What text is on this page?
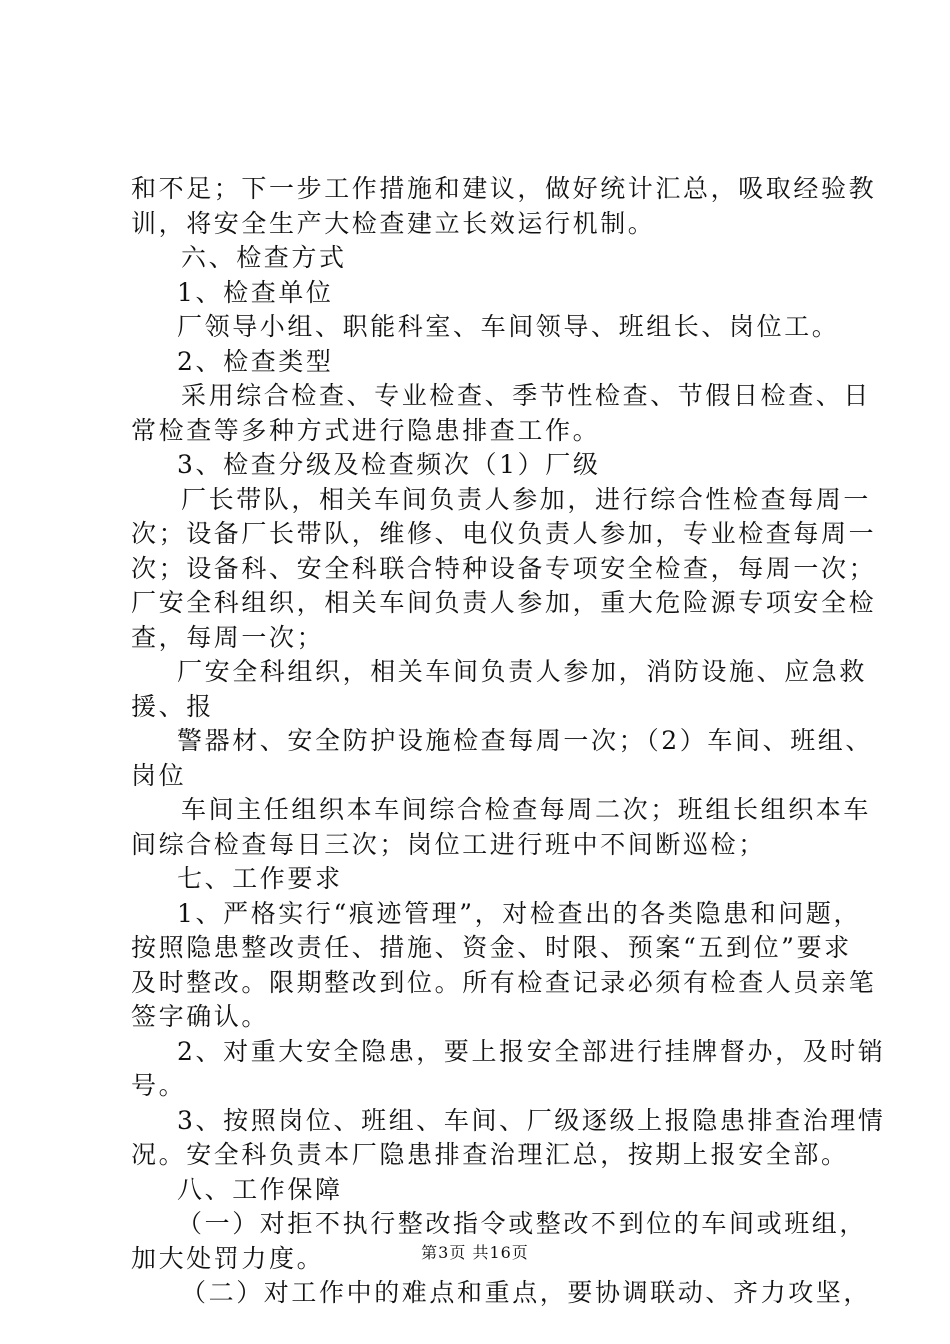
和不足；下一步工作措施和建议，做好统计汇总，吸取经验教
训，将安全生产大检查建立长效运行机制。
六、检查方式
1、检查单位
厂领导小组、职能科室、车间领导、班组长、岗位工。
2、检查类型
采用综合检查、专业检查、季节性检查、节假日检查、日
常检查等多种方式进行隐患排查工作。
3、检查分级及检查频次（1）厂级
厂长带队，相关车间负责人参加，进行综合性检查每周一
次；设备厂长带队，维修、电仪负责人参加，专业检查每周一
次；设备科、安全科联合特种设备专项安全检查，每周一次；
厂安全科组织，相关车间负责人参加，重大危险源专项安全检
查，每周一次；
厂安全科组织，相关车间负责人参加，消防设施、应急救
援、报
警器材、安全防护设施检查每周一次；（2）车间、班组、
岗位
车间主任组织本车间综合检查每周二次；班组长组织本车
间综合检查每日三次；岗位工进行班中不间断巡检；
七、工作要求
1、严格实行“痕迹管理”，对检查出的各类隐患和问题，
按照隐患整改责任、措施、资金、时限、预案“五到位”要求
及时整改。限期整改到位。所有检查记录必须有检查人员亲笔
签字确认。
2、对重大安全隐患，要上报安全部进行挂牌督办，及时销
号。
3、按照岗位、班组、车间、厂级逐级上报隐患排查治理情
况。安全科负责本厂隐患排查治理汇总，按期上报安全部。
八、工作保障
（一）对拒不执行整改指令或整改不到位的车间或班组，
加大处罚力度。
（二）对工作中的难点和重点，要协调联动、齐力攻坚，
第3页 共16页
